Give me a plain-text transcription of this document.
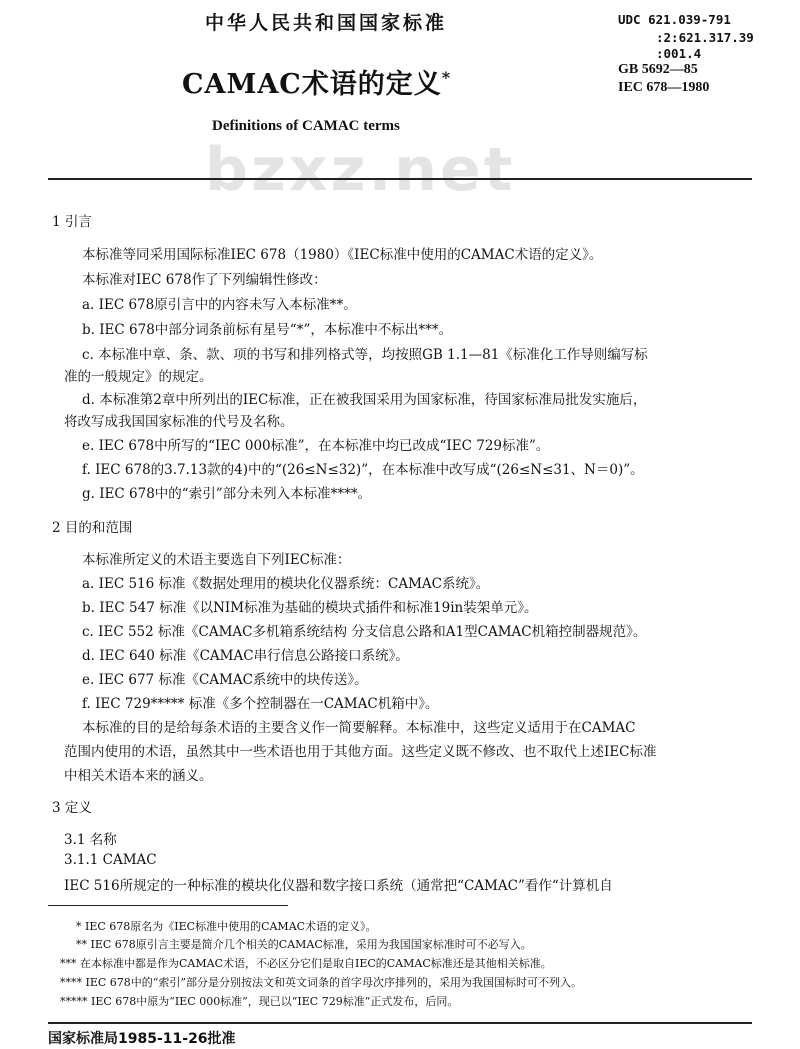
中华人民共和国国家标准	UDC 621.039-791
:2:621.317.39
:001.4
GB 5692—85
IEC 678—1980
CAMAC术语的定义*
Definitions of CAMAC terms
bzxz.net
1 引言
本标准等同采用国际标准IEC 678（1980）《IEC标准中使用的CAMAC术语的定义》。
本标准对IEC 678作了下列编辑性修改：
a. IEC 678原引言中的内容未写入本标准**。
b. IEC 678中部分词条前标有星号“*”，本标准中不标出***。
c. 本标准中章、条、款、项的书写和排列格式等，均按照GB 1.1—81《标准化工作导则编写标
准的一般规定》的规定。
d. 本标准第2章中所列出的IEC标准，正在被我国采用为国家标准，待国家标准局批发实施后，
将改写成我国国家标准的代号及名称。
e. IEC 678中所写的“IEC 000标准”，在本标准中均已改成“IEC 729标准”。
f. IEC 678的3.7.13款的4)中的“(26≤N≤32)”，在本标准中改写成“(26≤N≤31、N＝0)”。
g. IEC 678中的“索引”部分未列入本标准****。
2 目的和范围
本标准所定义的术语主要选自下列IEC标准：
a. IEC 516 标准《数据处理用的模块化仪器系统：CAMAC系统》。
b. IEC 547 标准《以NIM标准为基础的模块式插件和标准19in装架单元》。
c. IEC 552 标准《CAMAC多机箱系统结构 分支信息公路和A1型CAMAC机箱控制器规范》。
d. IEC 640 标准《CAMAC串行信息公路接口系统》。
e. IEC 677 标准《CAMAC系统中的块传送》。
f. IEC 729***** 标准《多个控制器在一CAMAC机箱中》。
本标准的目的是给每条术语的主要含义作一简要解释。本标准中，这些定义适用于在CAMAC
范围内使用的术语，虽然其中一些术语也用于其他方面。这些定义既不修改、也不取代上述IEC标准
中相关术语本来的涵义。
3 定义
3.1 名称
3.1.1 CAMAC
IEC 516所规定的一种标准的模块化仪器和数字接口系统（通常把“CAMAC”看作“计算机自
* IEC 678原名为《IEC标准中使用的CAMAC术语的定义》。
** IEC 678原引言主要是简介几个相关的CAMAC标准，采用为我国国家标准时可不必写入。
*** 在本标准中都是作为CAMAC术语，不必区分它们是取自IEC的CAMAC标准还是其他相关标准。
**** IEC 678中的“索引”部分是分别按法文和英文词条的首字母次序排列的，采用为我国国标时可不列入。
***** IEC 678中原为“IEC 000标准”，现已以“IEC 729标准”正式发布，后同。
国家标准局1985-11-26批准
